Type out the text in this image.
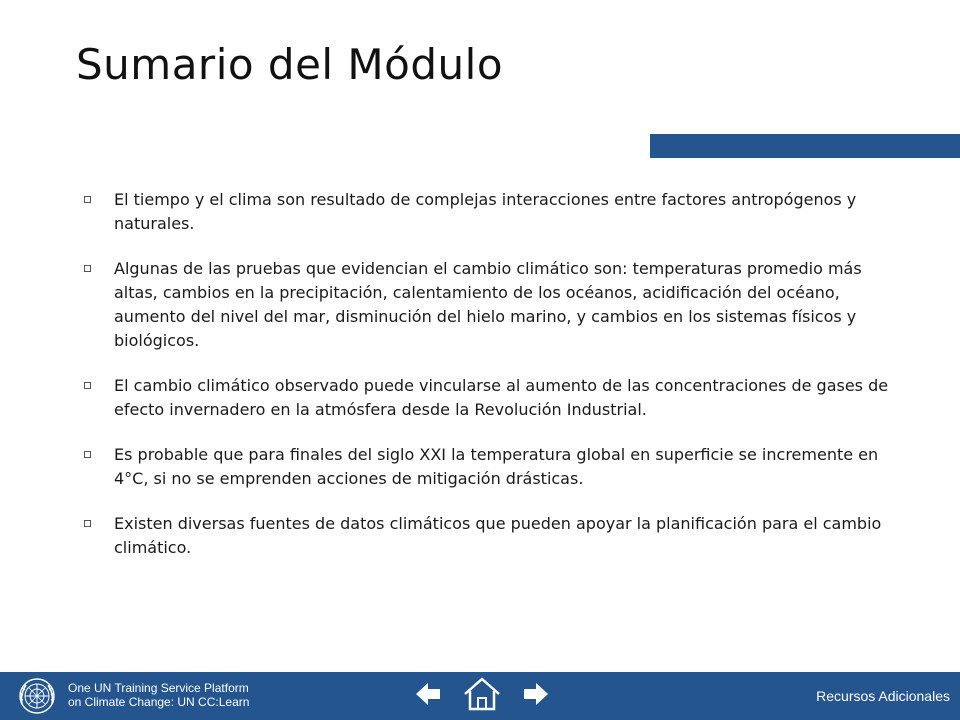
Sumario del Módulo
El tiempo y el clima son resultado de complejas interacciones entre factores antropógenos y naturales.
Algunas de las pruebas que evidencian el cambio climático son: temperaturas promedio más altas, cambios en la precipitación, calentamiento de los océanos, acidificación del océano, aumento del nivel del mar, disminución del hielo marino, y cambios en los sistemas físicos y biológicos.
El cambio climático observado puede vincularse al aumento de las concentraciones de gases de efecto invernadero en la atmósfera desde la Revolución Industrial.
Es probable que para finales del siglo XXI la temperatura global en superficie se incremente en 4°C, si no se emprenden acciones de mitigación drásticas.
Existen diversas fuentes de datos climáticos que pueden apoyar la planificación para el cambio climático.
One UN Training Service Platform
on Climate Change: UN CC:Learn	Recursos Adicionales
